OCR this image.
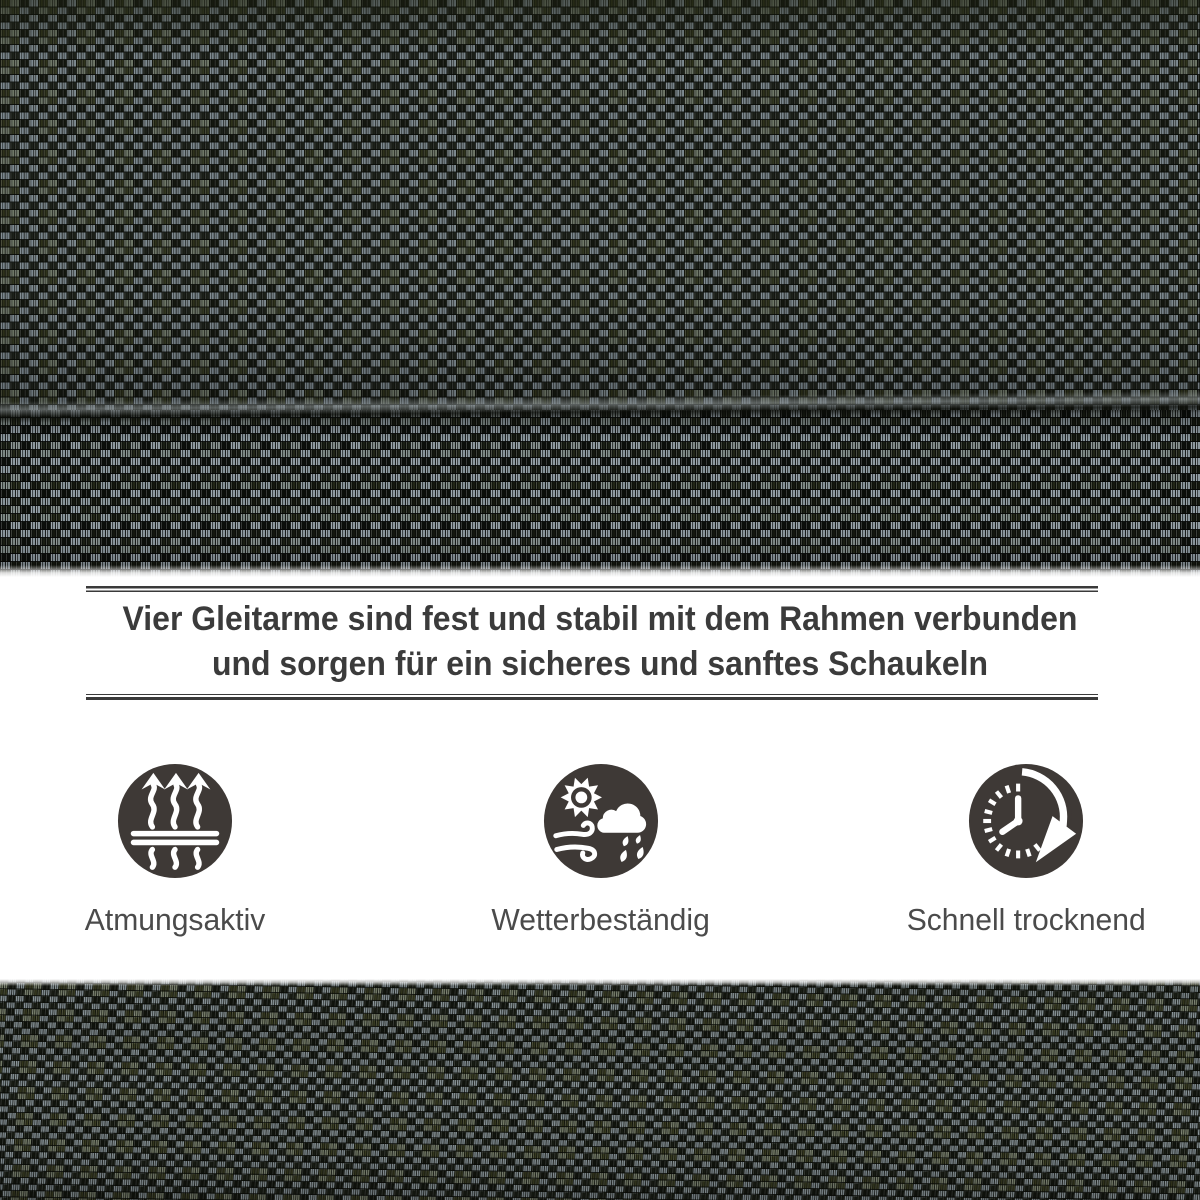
Vier Gleitarme sind fest und stabil mit dem Rahmen verbunden
und sorgen für ein sicheres und sanftes Schaukeln
Atmungsaktiv	Wetterbeständig	Schnell trocknend
